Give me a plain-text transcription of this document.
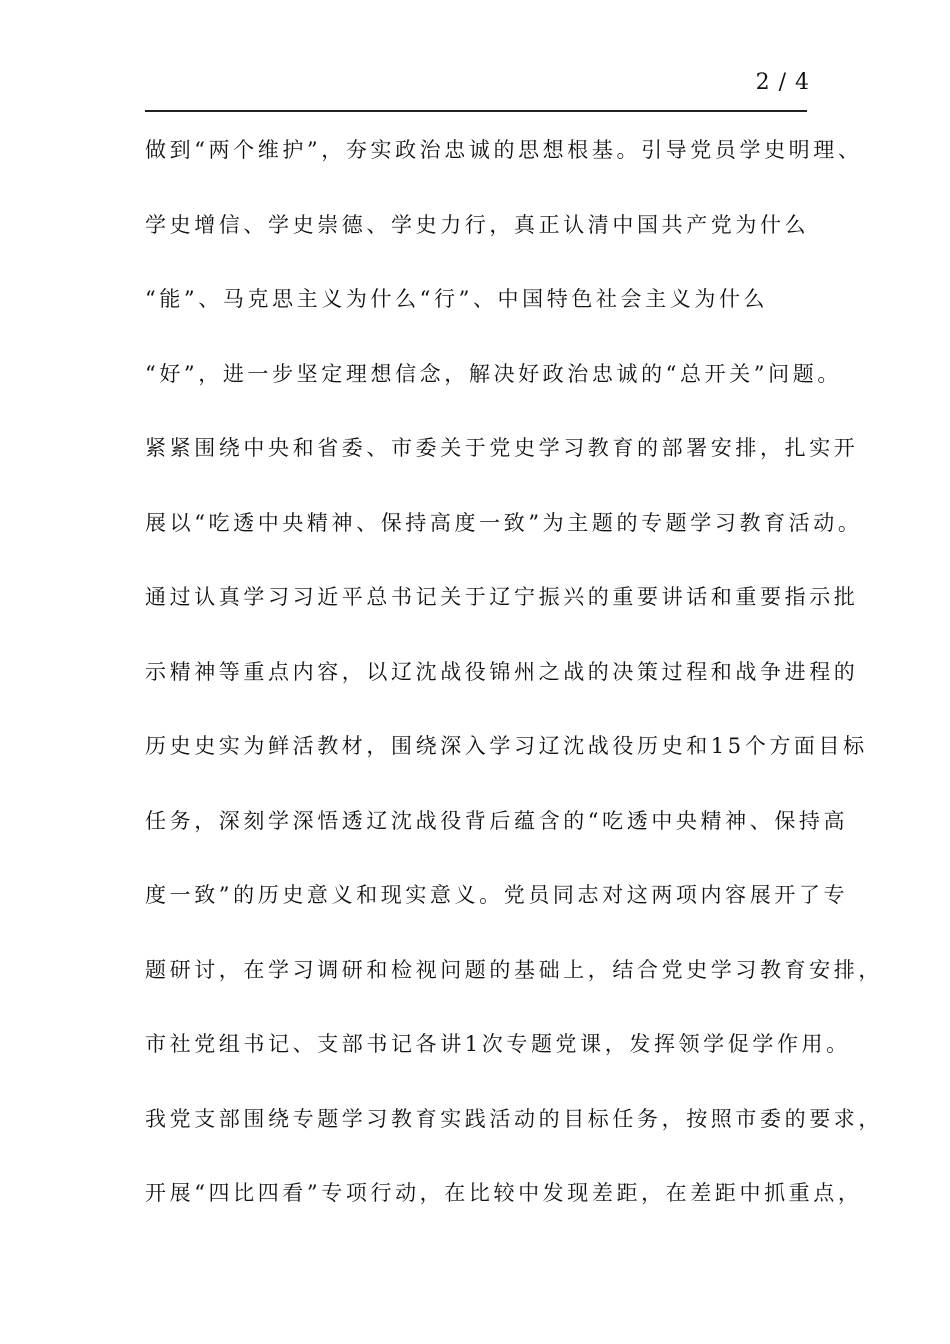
2 / 4
做到“两个维护”，夯实政治忠诚的思想根基。引导党员学史明理、
学史增信、学史崇德、学史力行，真正认清中国共产党为什么
“能”、马克思主义为什么“行”、中国特色社会主义为什么
“好”，进一步坚定理想信念，解决好政治忠诚的“总开关”问题。
紧紧围绕中央和省委、市委关于党史学习教育的部署安排，扎实开
展以“吃透中央精神、保持高度一致”为主题的专题学习教育活动。
通过认真学习习近平总书记关于辽宁振兴的重要讲话和重要指示批
示精神等重点内容，以辽沈战役锦州之战的决策过程和战争进程的
历史史实为鲜活教材，围绕深入学习辽沈战役历史和15个方面目标
任务，深刻学深悟透辽沈战役背后蕴含的“吃透中央精神、保持高
度一致”的历史意义和现实意义。党员同志对这两项内容展开了专
题研讨，在学习调研和检视问题的基础上，结合党史学习教育安排，
市社党组书记、支部书记各讲1次专题党课，发挥领学促学作用。
我党支部围绕专题学习教育实践活动的目标任务，按照市委的要求，
开展“四比四看”专项行动，在比较中发现差距，在差距中抓重点，
